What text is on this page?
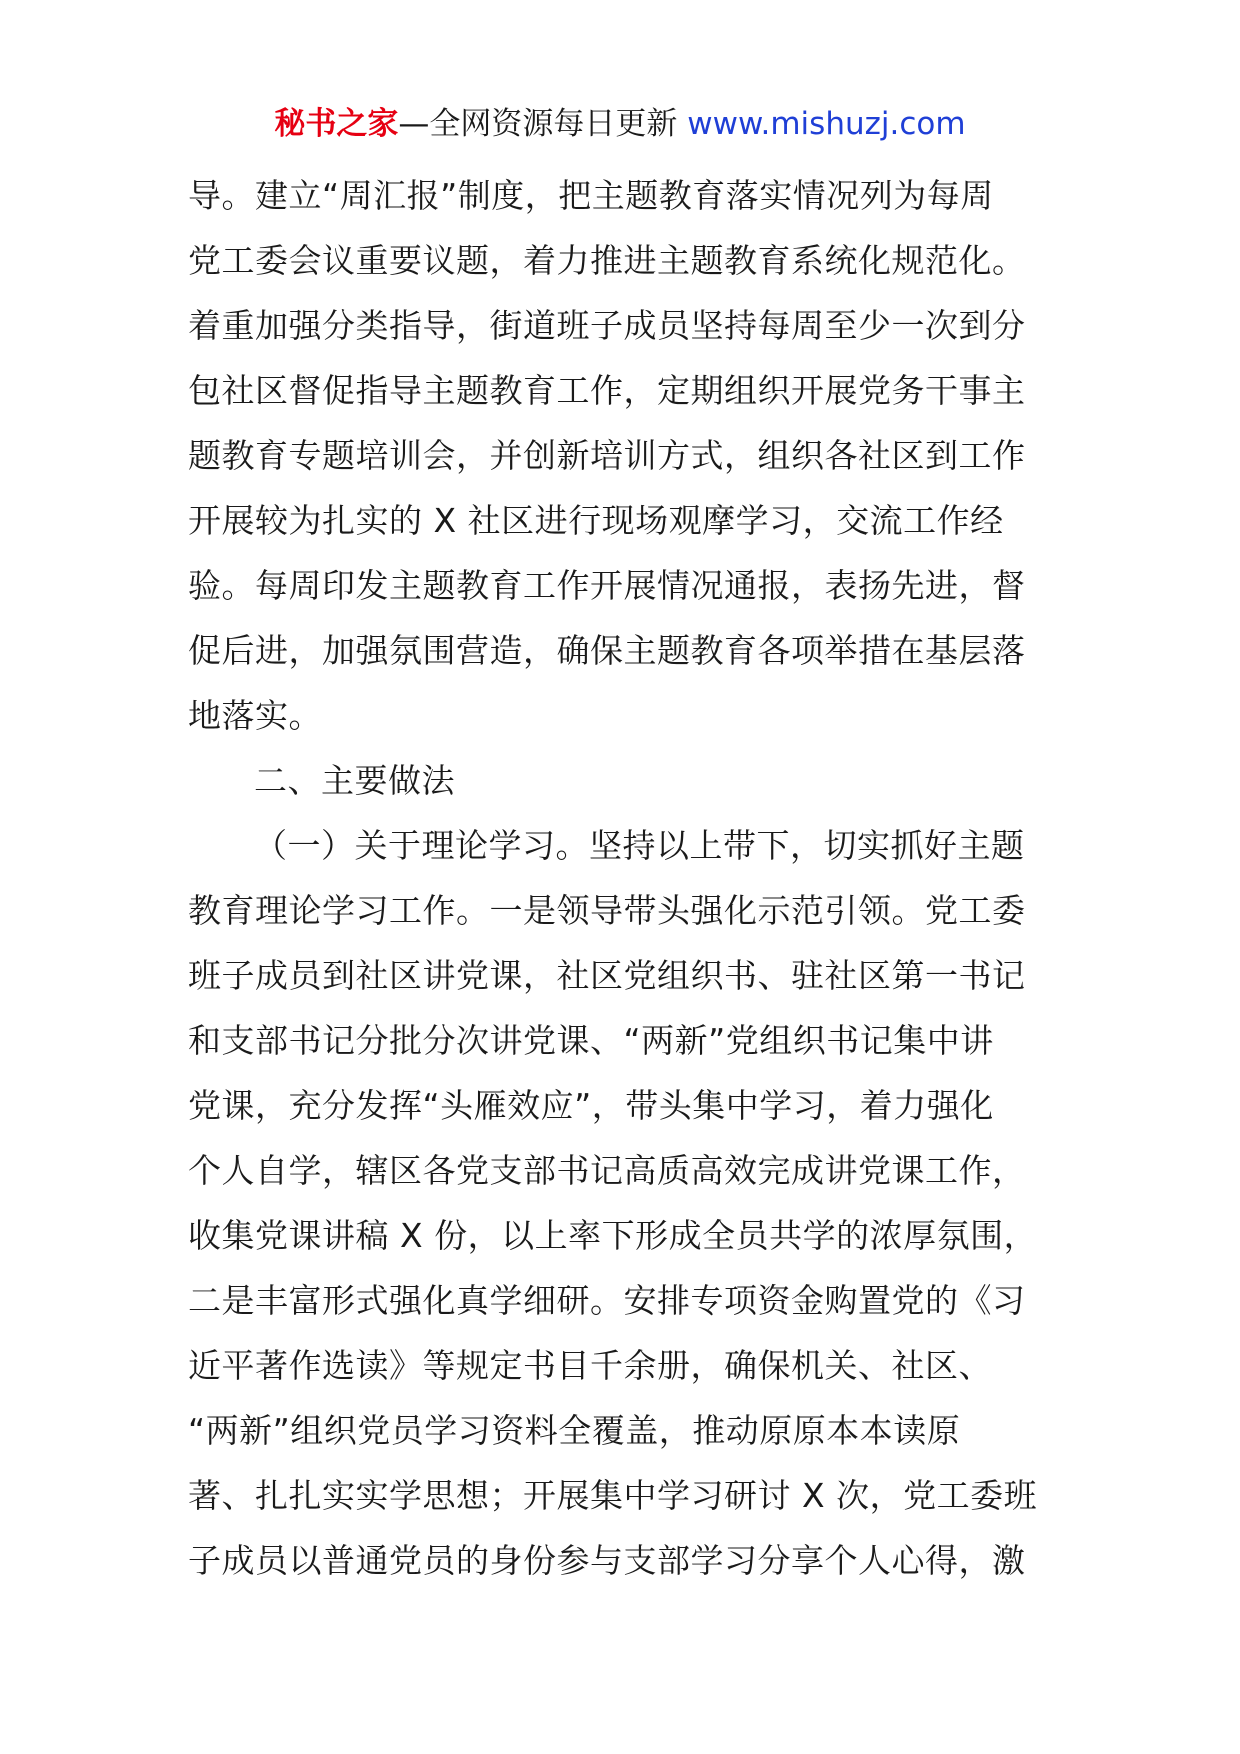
秘书之家—全网资源每日更新 www.mishuzj.com
导。建立“周汇报”制度，把主题教育落实情况列为每周
党工委会议重要议题，着力推进主题教育系统化规范化。
着重加强分类指导，街道班子成员坚持每周至少一次到分
包社区督促指导主题教育工作，定期组织开展党务干事主
题教育专题培训会，并创新培训方式，组织各社区到工作
开展较为扎实的 X 社区进行现场观摩学习，交流工作经
验。每周印发主题教育工作开展情况通报，表扬先进，督
促后进，加强氛围营造，确保主题教育各项举措在基层落
地落实。
二、主要做法
（一）关于理论学习。坚持以上带下，切实抓好主题
教育理论学习工作。一是领导带头强化示范引领。党工委
班子成员到社区讲党课，社区党组织书、驻社区第一书记
和支部书记分批分次讲党课、“两新”党组织书记集中讲
党课，充分发挥“头雁效应”，带头集中学习，着力强化
个人自学，辖区各党支部书记高质高效完成讲党课工作，
收集党课讲稿 X 份，以上率下形成全员共学的浓厚氛围，
二是丰富形式强化真学细研。安排专项资金购置党的《习
近平著作选读》等规定书目千余册，确保机关、社区、
“两新”组织党员学习资料全覆盖，推动原原本本读原
著、扎扎实实学思想；开展集中学习研讨 X 次，党工委班
子成员以普通党员的身份参与支部学习分享个人心得，激
